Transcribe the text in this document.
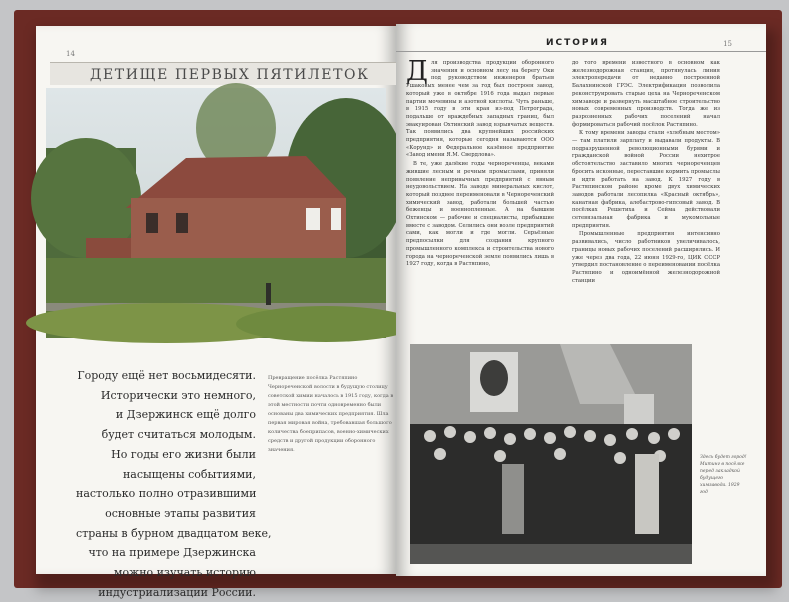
14
ДЕТИЩЕ ПЕРВЫХ ПЯТИЛЕТОК
Городу ещё нет восьмидесяти.
Исторически это немного,
и Дзержинск ещё долго
будет считаться молодым.
Но годы его жизни были
насыщены событиями,
настолько полно отразившими
основные этапы развития
страны в бурном двадцатом веке,
что на примере Дзержинска
можно изучать историю
индустриализации России.
Превращение посёлка Растяпино Чернореченской волости в будущую столицу советской химии началось в 1915 году, когда в этой местности почти одновременно были основаны два химических предприятия. Шла первая мировая война, требовавшая большого количества боеприпасов, военно-химических средств и другой продукции оборонного значения.
ИСТОРИЯ	15

Для производства продукции оборонного значения и основном лесу на берегу Оки под руководством инженеров братьев Ушаковых менее чем за год был построен завод, который уже в октябре 1916 года выдал первые партии мочевины и азотной кислоты. Чуть раньше, в 1915 году в эти края из-под Петрограда, подальше от враждебных западных границ, был эвакуирован Охтинский завод взрывчатых веществ. Так появились два крупнейших российских предприятия, которые сегодня называются ООО «Корунд» и Федеральное казённое предприятие «Завод имени Я.М. Свердлова».

В те, уже далёкие годы чернореченцы, веками жившие лесным и речным промыслами, приняли появление непривычных предприятий с явным неудовольствием. На заводе минеральных кислот, который позднее переименовали в Чернореченский химический завод, работали большей частью беженцы и военнопленные. А на бывшем Охтинском — рабочие и специалисты, прибывшие вместе с заводом. Селились они возле предприятий сами, как могли и где могли. Серьёзные предпосылки для создания крупного промышленного комплекса и строительства нового города на чернореченской земле появились лишь в 1927 году, когда в Растяпино,

до того времени известного в основном как железнодорожная станция, протянулась линия электропередачи от недавно построенной Балахнинской ГРЭС. Электрификация позволила реконструировать старые цеха на Чернореченском химзаводе и развернуть масштабное строительство новых современных производств. Тогда же из разрозненных рабочих поселений начал формироваться рабочий посёлок Растяпино.

К тому времени заводы стали «хлебным местом» — там платили зарплату и выдавали продукты. В подразрушенной революционными бурями и гражданской войной России нехитрое обстоятельство заставило многих чернореченцев бросить исконные, переставшие кормить промыслы и идти работать на завод. К 1927 году в Растяпинском районе кроме двух химических заводов работали лесопилка «Красный октябрь», канатная фабрика, алебастрово-гипсовый завод. В посёлках Решетиха и Сейма действовали сетевязальная фабрика и мукомольные предприятия.

Промышленные предприятия интенсивно развивались, число работников увеличивалось, границы новых рабочих поселений расширялись. И уже через два года, 22 июня 1929-го, ЦИК СССР утвердил постановление о переименовании посёлка Растяпино и одноимённой железнодорожной станции

Здесь будет город! Митинг в посёлке перед закладкой будущего химзавода. 1929 год
